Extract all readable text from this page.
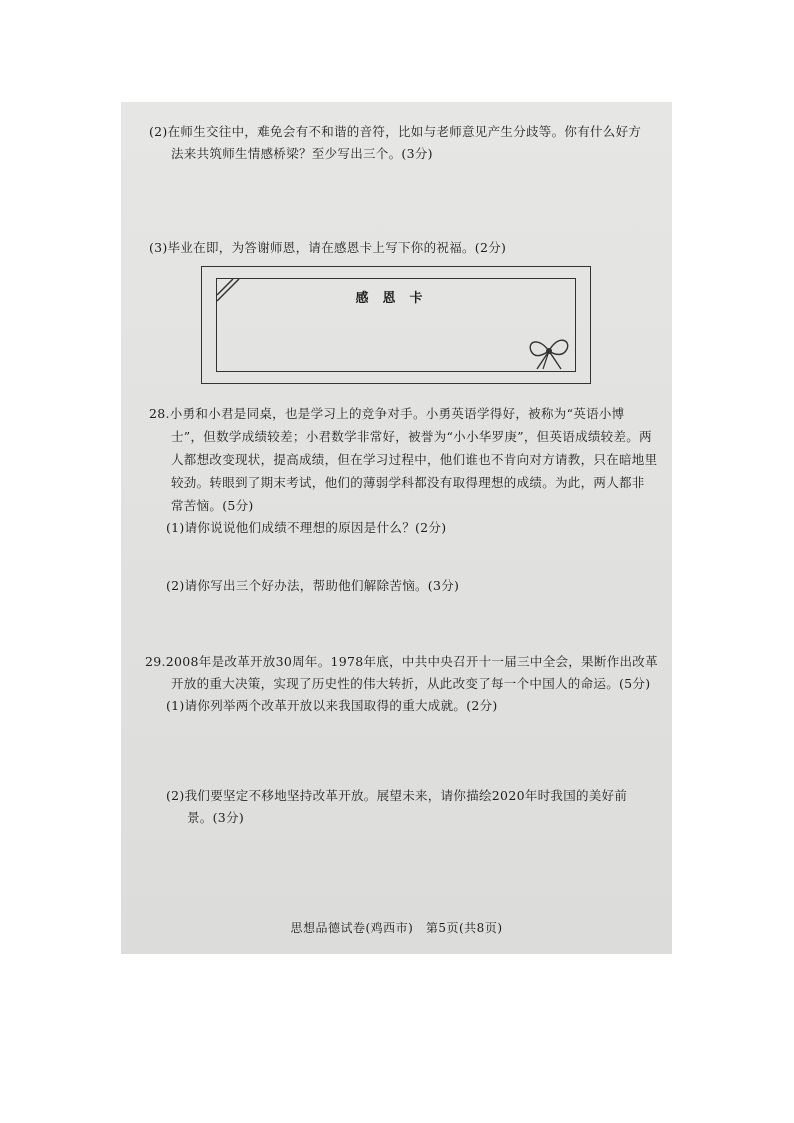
(2)在师生交往中，难免会有不和谐的音符，比如与老师意见产生分歧等。你有什么好方
法来共筑师生情感桥梁？至少写出三个。(3分)
(3)毕业在即，为答谢师恩，请在感恩卡上写下你的祝福。(2分)
感恩卡
28.小勇和小君是同桌，也是学习上的竞争对手。小勇英语学得好，被称为“英语小博
士”，但数学成绩较差；小君数学非常好，被誉为“小小华罗庚”，但英语成绩较差。两
人都想改变现状，提高成绩，但在学习过程中，他们谁也不肯向对方请教，只在暗地里
较劲。转眼到了期末考试，他们的薄弱学科都没有取得理想的成绩。为此，两人都非
常苦恼。(5分)
(1)请你说说他们成绩不理想的原因是什么？(2分)
(2)请你写出三个好办法，帮助他们解除苦恼。(3分)
29.2008年是改革开放30周年。1978年底，中共中央召开十一届三中全会，果断作出改革
开放的重大决策，实现了历史性的伟大转折，从此改变了每一个中国人的命运。(5分)
(1)请你列举两个改革开放以来我国取得的重大成就。(2分)
(2)我们要坚定不移地坚持改革开放。展望未来，请你描绘2020年时我国的美好前
景。(3分)
思想品德试卷(鸡西市)　第5页(共8页)
